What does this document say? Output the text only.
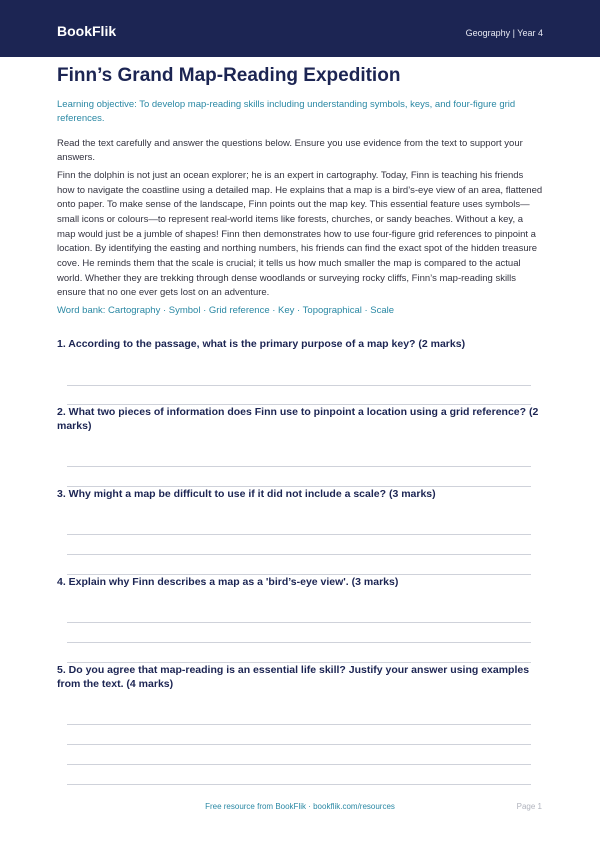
BookFlik	Geography | Year 4
Finn’s Grand Map-Reading Expedition
Learning objective: To develop map-reading skills including understanding symbols, keys, and four-figure grid references.
Read the text carefully and answer the questions below. Ensure you use evidence from the text to support your answers.
Finn the dolphin is not just an ocean explorer; he is an expert in cartography. Today, Finn is teaching his friends how to navigate the coastline using a detailed map. He explains that a map is a bird’s-eye view of an area, flattened onto paper. To make sense of the landscape, Finn points out the map key. This essential feature uses symbols—small icons or colours—to represent real-world items like forests, churches, or sandy beaches. Without a key, a map would just be a jumble of shapes! Finn then demonstrates how to use four-figure grid references to pinpoint a location. By identifying the easting and northing numbers, his friends can find the exact spot of the hidden treasure cove. He reminds them that the scale is crucial; it tells us how much smaller the map is compared to the actual world. Whether they are trekking through dense woodlands or surveying rocky cliffs, Finn’s map-reading skills ensure that no one ever gets lost on an adventure.
Word bank: Cartography · Symbol · Grid reference · Key · Topographical · Scale
1. According to the passage, what is the primary purpose of a map key? (2 marks)
2. What two pieces of information does Finn use to pinpoint a location using a grid reference? (2 marks)
3. Why might a map be difficult to use if it did not include a scale? (3 marks)
4. Explain why Finn describes a map as a 'bird’s-eye view'. (3 marks)
5. Do you agree that map-reading is an essential life skill? Justify your answer using examples from the text. (4 marks)
Free resource from BookFlik · bookflik.com/resources	Page 1
